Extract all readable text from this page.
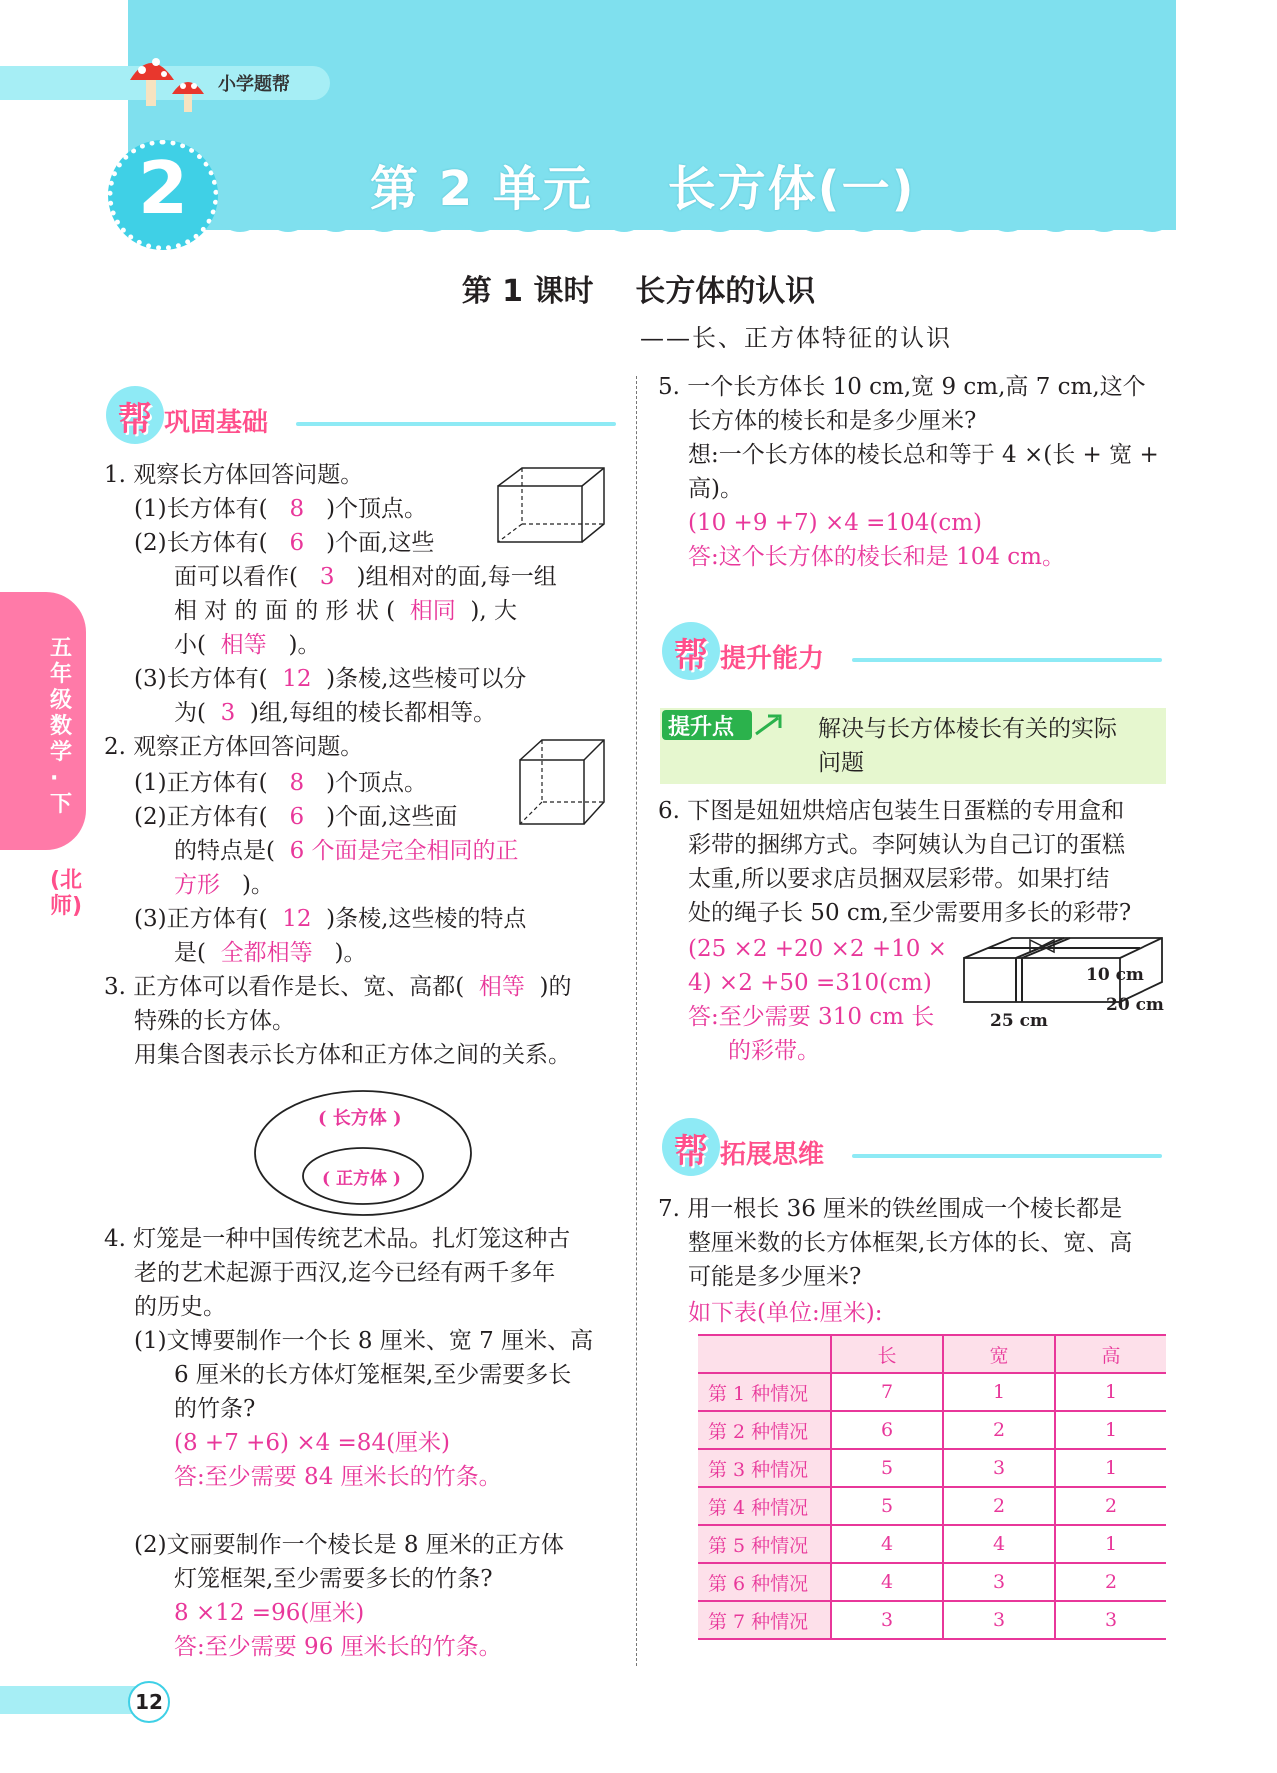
小学题帮
2	第 2 单元    长方体(一)
第 1 课时    长方体的认识
——长、正方体特征的认识
五年级数学·下
(北师)
帮 巩固基础
1. 观察长方体回答问题。
(1)长方体有( 8 )个顶点。
(2)长方体有( 6 )个面,这些
面可以看作( 3 )组相对的面,每一组
相 对 的 面 的 形 状 ( 相同 ), 大
小( 相等 )。
(3)长方体有( 12 )条棱,这些棱可以分
为( 3 )组,每组的棱长都相等。
2. 观察正方体回答问题。
(1)正方体有( 8 )个顶点。
(2)正方体有( 6 )个面,这些面
的特点是( 6 个面是完全相同的正
方形 )。
(3)正方体有( 12 )条棱,这些棱的特点
是( 全都相等 )。
3. 正方体可以看作是长、宽、高都( 相等 )的
特殊的长方体。
用集合图表示长方体和正方体之间的关系。
( 长方体 )
( 正方体 )
4. 灯笼是一种中国传统艺术品。扎灯笼这种古
老的艺术起源于西汉,迄今已经有两千多年
的历史。
(1)文博要制作一个长 8 厘米、宽 7 厘米、高
6 厘米的长方体灯笼框架,至少需要多长
的竹条?
(8 +7 +6) ×4 =84(厘米)
答:至少需要 84 厘米长的竹条。
(2)文丽要制作一个棱长是 8 厘米的正方体
灯笼框架,至少需要多长的竹条?
8 ×12 =96(厘米)
答:至少需要 96 厘米长的竹条。
5. 一个长方体长 10 cm,宽 9 cm,高 7 cm,这个
长方体的棱长和是多少厘米?
想:一个长方体的棱长总和等于 4 ×(长 + 宽 +
高)。
(10 +9 +7) ×4 =104(cm)
答:这个长方体的棱长和是 104 cm。
帮 提升能力
提升点	解决与长方体棱长有关的实际
问题
6. 下图是妞妞烘焙店包装生日蛋糕的专用盒和
彩带的捆绑方式。李阿姨认为自己订的蛋糕
太重,所以要求店员捆双层彩带。如果打结
处的绳子长 50 cm,至少需要用多长的彩带?
(25 ×2 +20 ×2 +10 ×
4) ×2 +50 =310(cm)
答:至少需要 310 cm 长
的彩带。
10 cm
20 cm
25 cm
帮 拓展思维
7. 用一根长 36 厘米的铁丝围成一个棱长都是
整厘米数的长方体框架,长方体的长、宽、高
可能是多少厘米?
如下表(单位:厘米):
	长	宽	高
第 1 种情况	7	1	1
第 2 种情况	6	2	1
第 3 种情况	5	3	1
第 4 种情况	5	2	2
第 5 种情况	4	4	1
第 6 种情况	4	3	2
第 7 种情况	3	3	3
12
